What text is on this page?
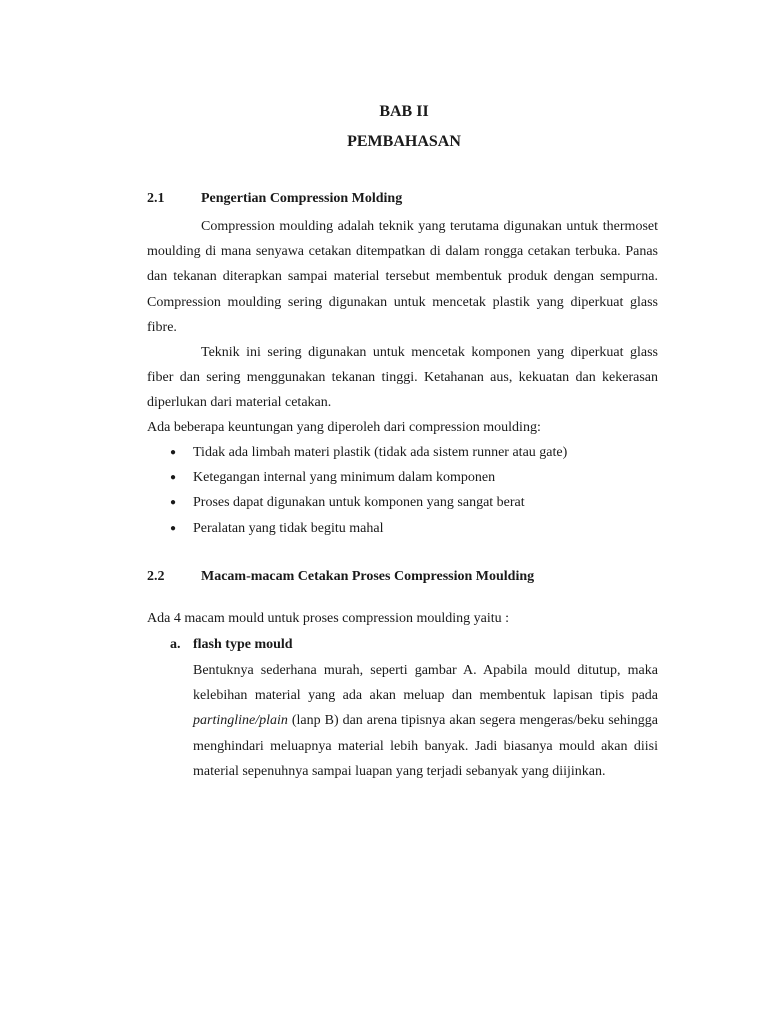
BAB II
PEMBAHASAN
2.1	Pengertian Compression Molding

Compression moulding adalah teknik yang terutama digunakan untuk thermoset moulding di mana senyawa cetakan ditempatkan di dalam rongga cetakan terbuka. Panas dan tekanan diterapkan sampai material tersebut membentuk produk dengan sempurna. Compression moulding sering digunakan untuk mencetak plastik yang diperkuat glass fibre.

Teknik ini sering digunakan untuk mencetak komponen yang diperkuat glass fiber dan sering menggunakan tekanan tinggi. Ketahanan aus, kekuatan dan kekerasan diperlukan dari material cetakan.

Ada beberapa keuntungan yang diperoleh dari compression moulding:

● Tidak ada limbah materi plastik (tidak ada sistem runner atau gate)
● Ketegangan internal yang minimum dalam komponen
● Proses dapat digunakan untuk komponen yang sangat berat
● Peralatan yang tidak begitu mahal
2.2	Macam-macam Cetakan Proses Compression Moulding
Ada 4 macam mould untuk proses compression moulding yaitu :
a. flash type mould

Bentuknya sederhana murah, seperti gambar A. Apabila mould ditutup, maka kelebihan material yang ada akan meluap dan membentuk lapisan tipis pada partingline/plain (lanp B) dan arena tipisnya akan segera mengeras/beku sehingga menghindari meluapnya material lebih banyak. Jadi biasanya mould akan diisi material sepenuhnya sampai luapan yang terjadi sebanyak yang diijinkan.
